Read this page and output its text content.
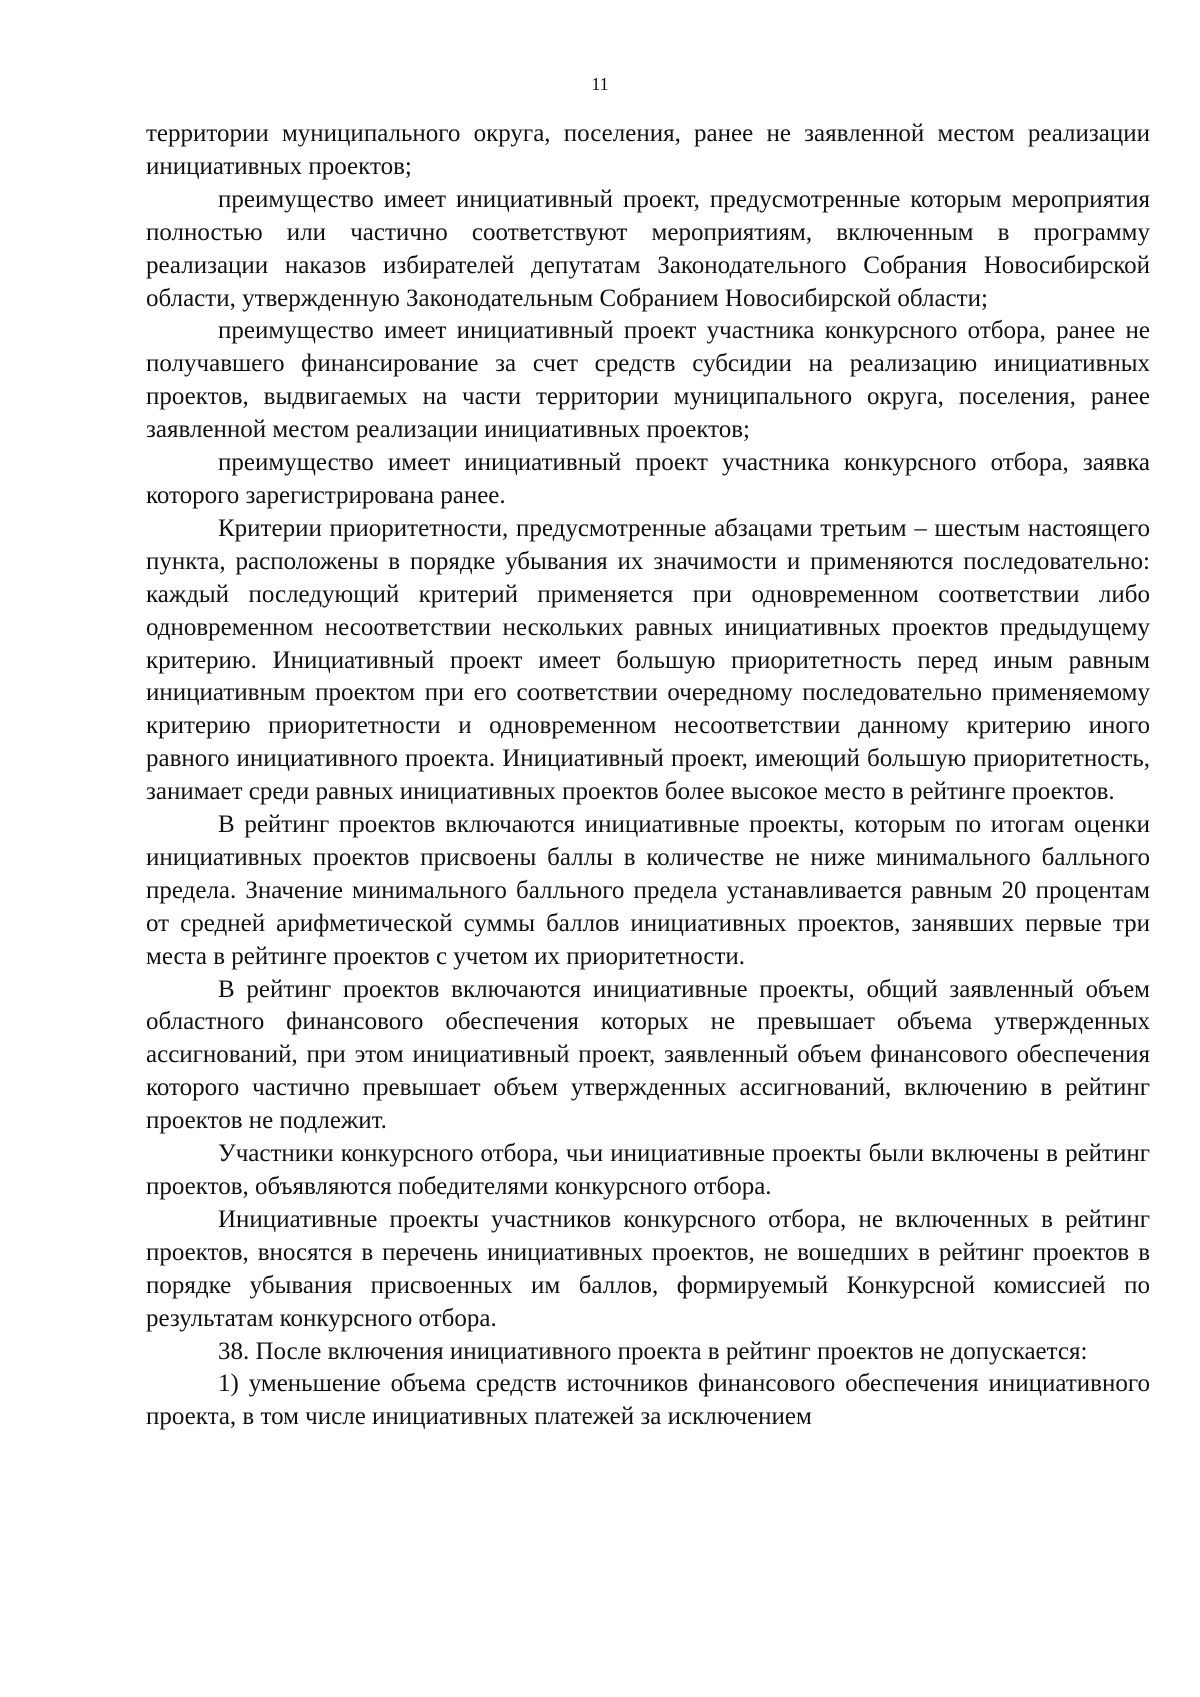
11

территории муниципального округа, поселения, ранее не заявленной местом реализации инициативных проектов;

преимущество имеет инициативный проект, предусмотренные которым мероприятия полностью или частично соответствуют мероприятиям, включенным в программу реализации наказов избирателей депутатам Законодательного Собрания Новосибирской области, утвержденную Законодательным Собранием Новосибирской области;

преимущество имеет инициативный проект участника конкурсного отбора, ранее не получавшего финансирование за счет средств субсидии на реализацию инициативных проектов, выдвигаемых на части территории муниципального округа, поселения, ранее заявленной местом реализации инициативных проектов;

преимущество имеет инициативный проект участника конкурсного отбора, заявка которого зарегистрирована ранее.

Критерии приоритетности, предусмотренные абзацами третьим – шестым настоящего пункта, расположены в порядке убывания их значимости и применяются последовательно: каждый последующий критерий применяется при одновременном соответствии либо одновременном несоответствии нескольких равных инициативных проектов предыдущему критерию. Инициативный проект имеет большую приоритетность перед иным равным инициативным проектом при его соответствии очередному последовательно применяемому критерию приоритетности и одновременном несоответствии данному критерию иного равного инициативного проекта. Инициативный проект, имеющий большую приоритетность, занимает среди равных инициативных проектов более высокое место в рейтинге проектов.

В рейтинг проектов включаются инициативные проекты, которым по итогам оценки инициативных проектов присвоены баллы в количестве не ниже минимального балльного предела. Значение минимального балльного предела устанавливается равным 20 процентам от средней арифметической суммы баллов инициативных проектов, занявших первые три места в рейтинге проектов с учетом их приоритетности.

В рейтинг проектов включаются инициативные проекты, общий заявленный объем областного финансового обеспечения которых не превышает объема утвержденных ассигнований, при этом инициативный проект, заявленный объем финансового обеспечения которого частично превышает объем утвержденных ассигнований, включению в рейтинг проектов не подлежит.

Участники конкурсного отбора, чьи инициативные проекты были включены в рейтинг проектов, объявляются победителями конкурсного отбора.

Инициативные проекты участников конкурсного отбора, не включенных в рейтинг проектов, вносятся в перечень инициативных проектов, не вошедших в рейтинг проектов в порядке убывания присвоенных им баллов, формируемый Конкурсной комиссией по результатам конкурсного отбора.

38. После включения инициативного проекта в рейтинг проектов не допускается:

1) уменьшение объема средств источников финансового обеспечения инициативного проекта, в том числе инициативных платежей за исключением
